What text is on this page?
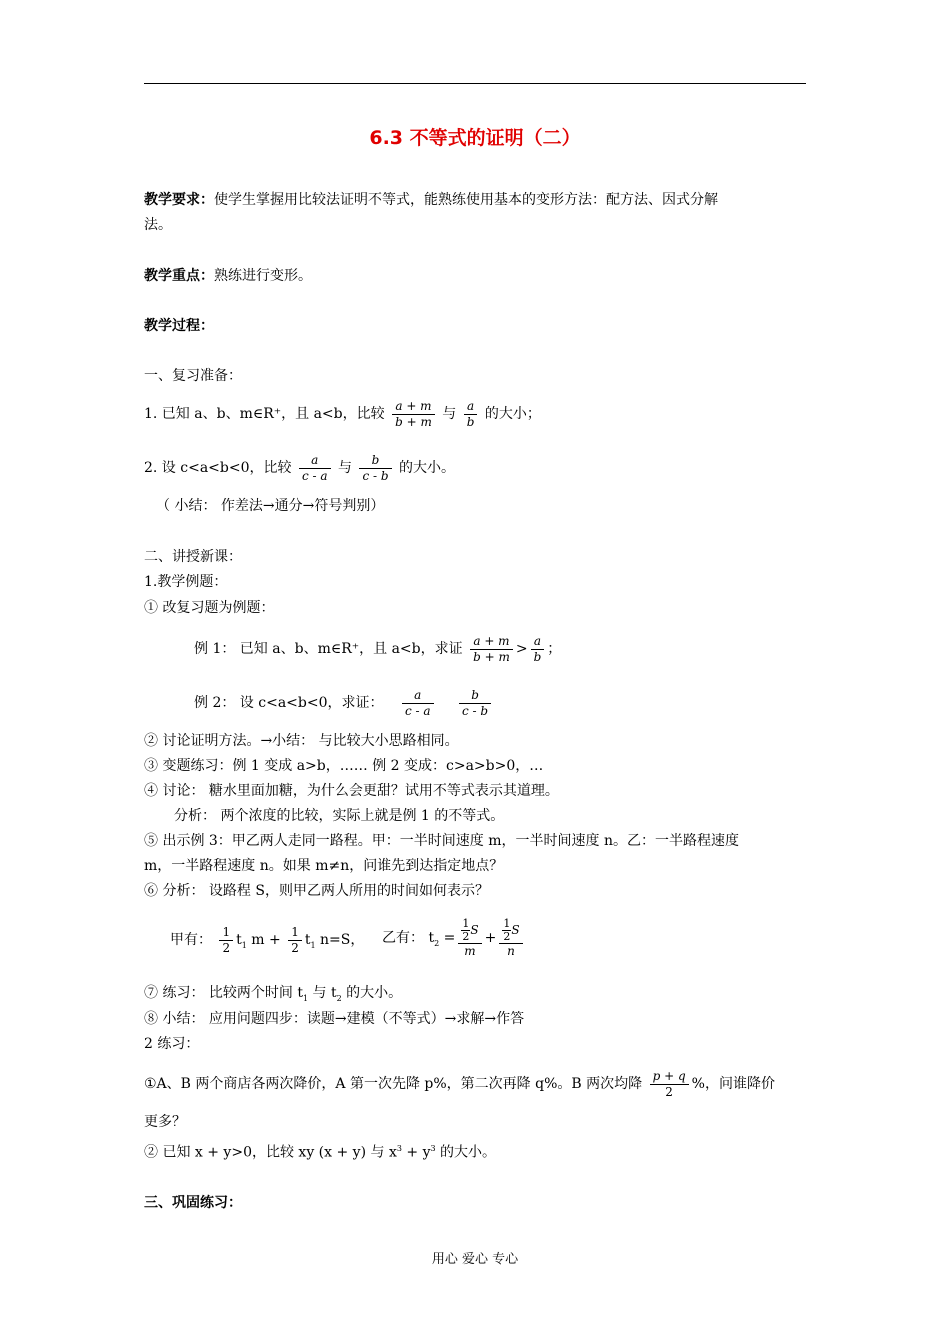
6.3 不等式的证明（二）
教学要求：使学生掌握用比较法证明不等式，能熟练使用基本的变形方法：配方法、因式分解
法。
教学重点：熟练进行变形。
教学过程：
一、复习准备：
1. 已知 a、b、m∈R⁺，且 a<b，比较 $\frac{a + m}{b + m}$ 与 $\frac{a}{b}$ 的大小；
2. 设 c<a<b<0，比较 $\frac{a}{c - a}$ 与 $\frac{b}{c - b}$ 的大小。
（ 小结： 作差法→通分→符号判别）
二、讲授新课：
1.教学例题：
① 改复习题为例题：
例 1： 已知 a、b、m∈R⁺，且 a<b，求证 $\frac{a + m}{b + m} > \frac{a}{b}$ ；
例 2： 设 c<a<b<0，求证： $\frac{a}{c - a}$
$\frac{b}{c - b}$
② 讨论证明方法。→小结： 与比较大小思路相同。
③ 变题练习：例 1 变成 a>b，…… 例 2 变成：c>a>b>0，…
④ 讨论： 糖水里面加糖，为什么会更甜？试用不等式表示其道理。
分析： 两个浓度的比较，实际上就是例 1 的不等式。
⑤ 出示例 3：甲乙两人走同一路程。甲：一半时间速度 m，一半时间速度 n。乙：一半路程速度
m，一半路程速度 n。如果 m≠n，问谁先到达指定地点？
⑥ 分析： 设路程 S，则甲乙两人所用的时间如何表示？
甲有： $\frac{1}{2} t_1$ $m + \frac{1}{2} t_1$ n=S， 乙有： $t_2 = \frac{\frac{1}{2} S}{m} + \frac{\frac{1}{2} S}{n}$
⑦ 练习： 比较两个时间 $t_1$ 与 $t_2$ 的大小。
⑧ 小结： 应用问题四步：读题→建模（不等式）→求解→作答
2 练习：
①A、B 两个商店各两次降价，A 第一次先降 p%，第二次再降 q%。B 两次均降 $\frac{p + q}{2}$ %，问谁降价
更多？
② 已知 x + y>0，比较 xy (x + y) 与 $x^3 + y^3$ 的大小。
三、巩固练习：
用心 爱心 专心
